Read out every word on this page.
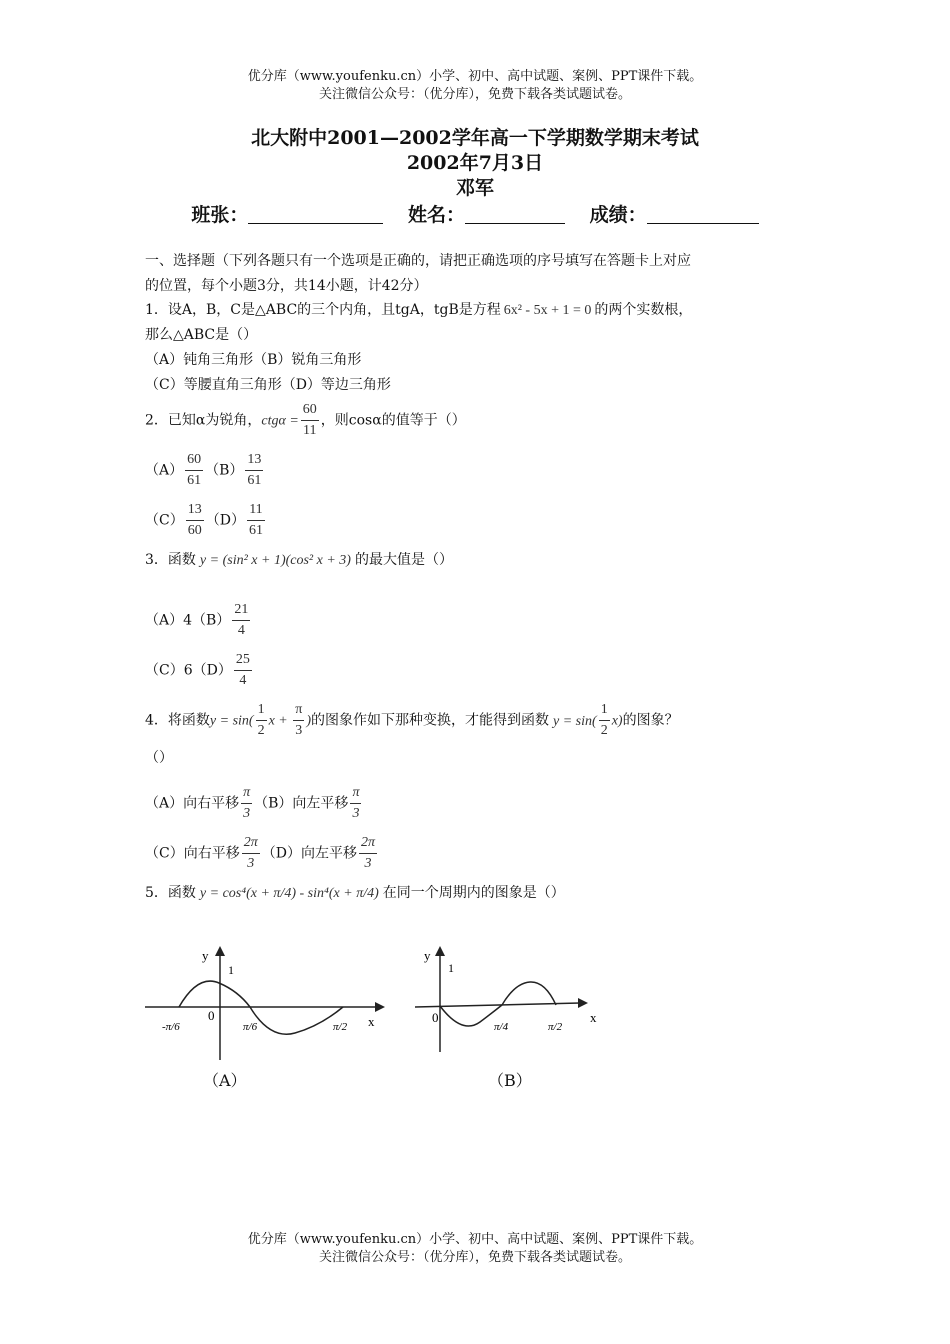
优分库（www.youfenku.cn）小学、初中、高中试题、案例、PPT课件下载。
关注微信公众号：（优分库），免费下载各类试题试卷。
北大附中2001—2002学年高一下学期数学期末考试
2002年7月3日
邓军
班张：	姓名：	成绩：
一、选择题（下列各题只有一个选项是正确的，请把正确选项的序号填写在答题卡上对应
的位置，每个小题3分，共14小题，计42分）
1．设A，B，C是△ABC的三个内角，且tgA，tgB是方程 6x² - 5x + 1 = 0 的两个实数根，
那么△ABC是（）
（A）钝角三角形（B）锐角三角形
（C）等腰直角三角形（D）等边三角形
2．已知α为锐角，$ctg\alpha = \frac{60}{11}$ ，则cosα的值等于（）
$(A) \frac{60}{61} (B) \frac{13}{61}$
$(C) \frac{13}{60} (D) \frac{11}{61}$
3．函数 y = (sin² x + 1)(cos² x + 3) 的最大值是（）
$(A)4(B) \frac{21}{4}$
$(C)6(D) \frac{25}{4}$
4．将函数$y = \sin( \frac{1}{2}$ $x + \frac{\pi}{3}$ )的图象作如下那种变换，才能得到函数 $y = \sin( \frac{1}{2} x)$的图象？
（）
（A）向右平移 $\frac{\pi}{3} (B)$向左平移 $\frac{\pi}{3}$
（C）向右平移 $\frac{2\pi}{3} (D)$向左平移 $\frac{2\pi}{3}$
5．函数 y = cos⁴(x + π/4) - sin⁴(x + π/4) 在同一个周期内的图象是（）
y
1
0	x
-π/6	π/6	π/2
（A）
y
1
0	x
π/4	π/2
（B）
优分库（www.youfenku.cn）小学、初中、高中试题、案例、PPT课件下载。
关注微信公众号：（优分库），免费下载各类试题试卷。
